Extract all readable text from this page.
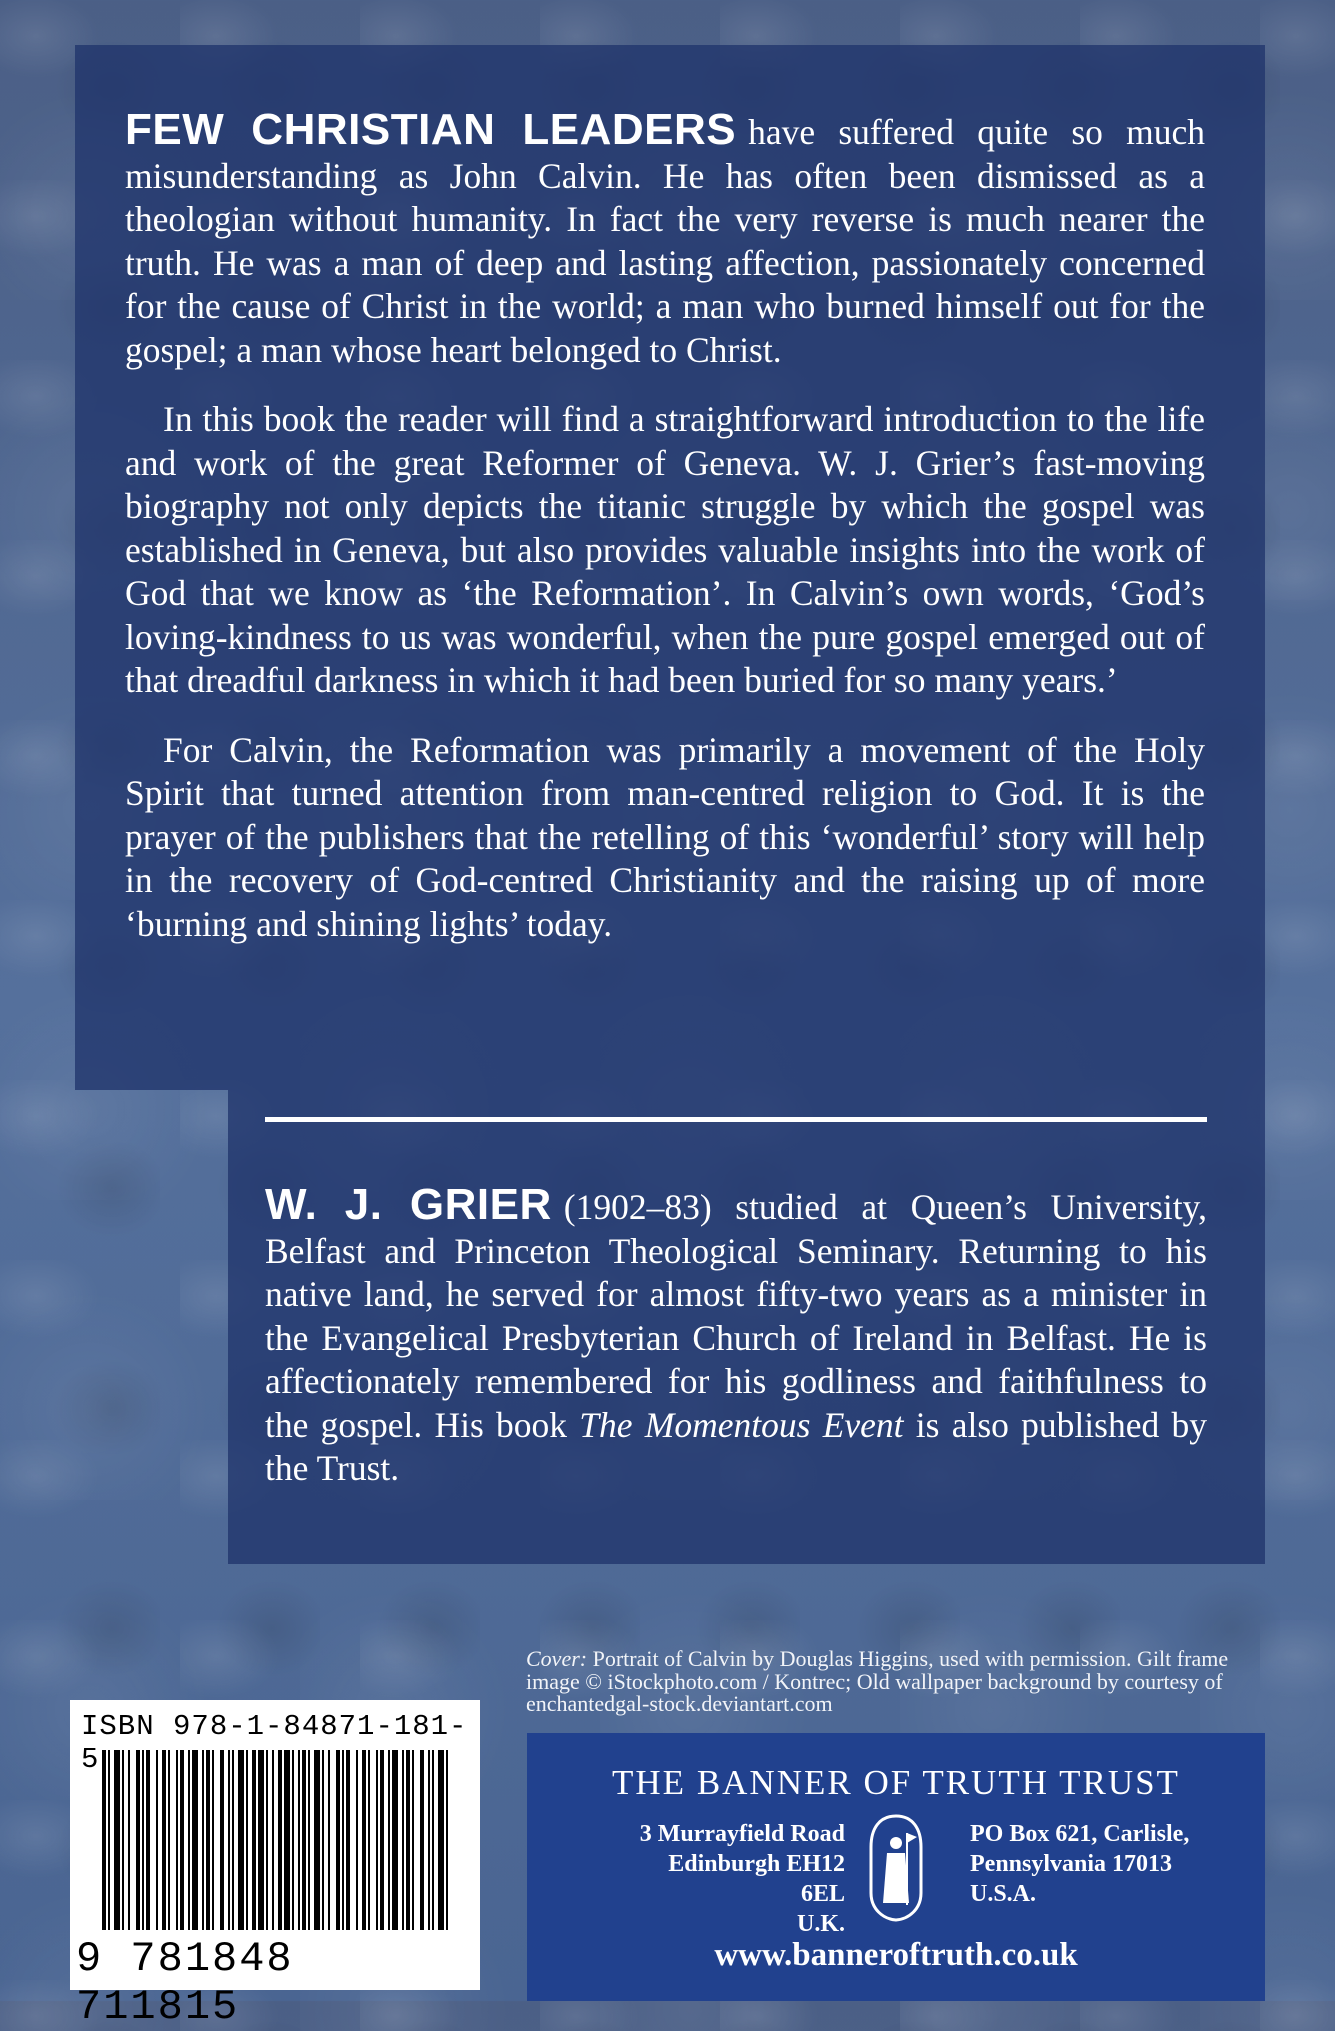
FEW CHRISTIAN LEADERS have suffered quite so much misunderstanding as John Calvin. He has often been dismissed as a theologian without humanity. In fact the very reverse is much nearer the truth. He was a man of deep and lasting affection, passionately concerned for the cause of Christ in the world; a man who burned himself out for the gospel; a man whose heart belonged to Christ.

In this book the reader will find a straightforward introduction to the life and work of the great Reformer of Geneva. W. J. Grier’s fast-moving biography not only depicts the titanic struggle by which the gospel was established in Geneva, but also provides valuable insights into the work of God that we know as ‘the Reformation’. In Calvin’s own words, ‘God’s loving-kindness to us was wonderful, when the pure gospel emerged out of that dreadful darkness in which it had been buried for so many years.’

For Calvin, the Reformation was primarily a movement of the Holy Spirit that turned attention from man-centred religion to God. It is the prayer of the publishers that the retelling of this ‘wonderful’ story will help in the recovery of God-centred Christianity and the raising up of more ‘burning and shining lights’ today.

W. J. GRIER (1902–83) studied at Queen’s University, Belfast and Princeton Theological Seminary. Returning to his native land, he served for almost fifty-two years as a minister in the Evangelical Presbyterian Church of Ireland in Belfast. He is affectionately remembered for his godliness and faithfulness to the gospel. His book The Momentous Event is also published by the Trust.

Cover: Portrait of Calvin by Douglas Higgins, used with permission. Gilt frame image © iStockphoto.com / Kontrec; Old wallpaper background by courtesy of enchantedgal-stock.deviantart.com
ISBN 978-1-84871-181-5
9 781848 711815
THE BANNER OF TRUTH TRUST
3 Murrayfield Road
Edinburgh EH12 6EL
U.K.
PO Box 621, Carlisle,
Pennsylvania 17013
U.S.A.
www.banneroftruth.co.uk
